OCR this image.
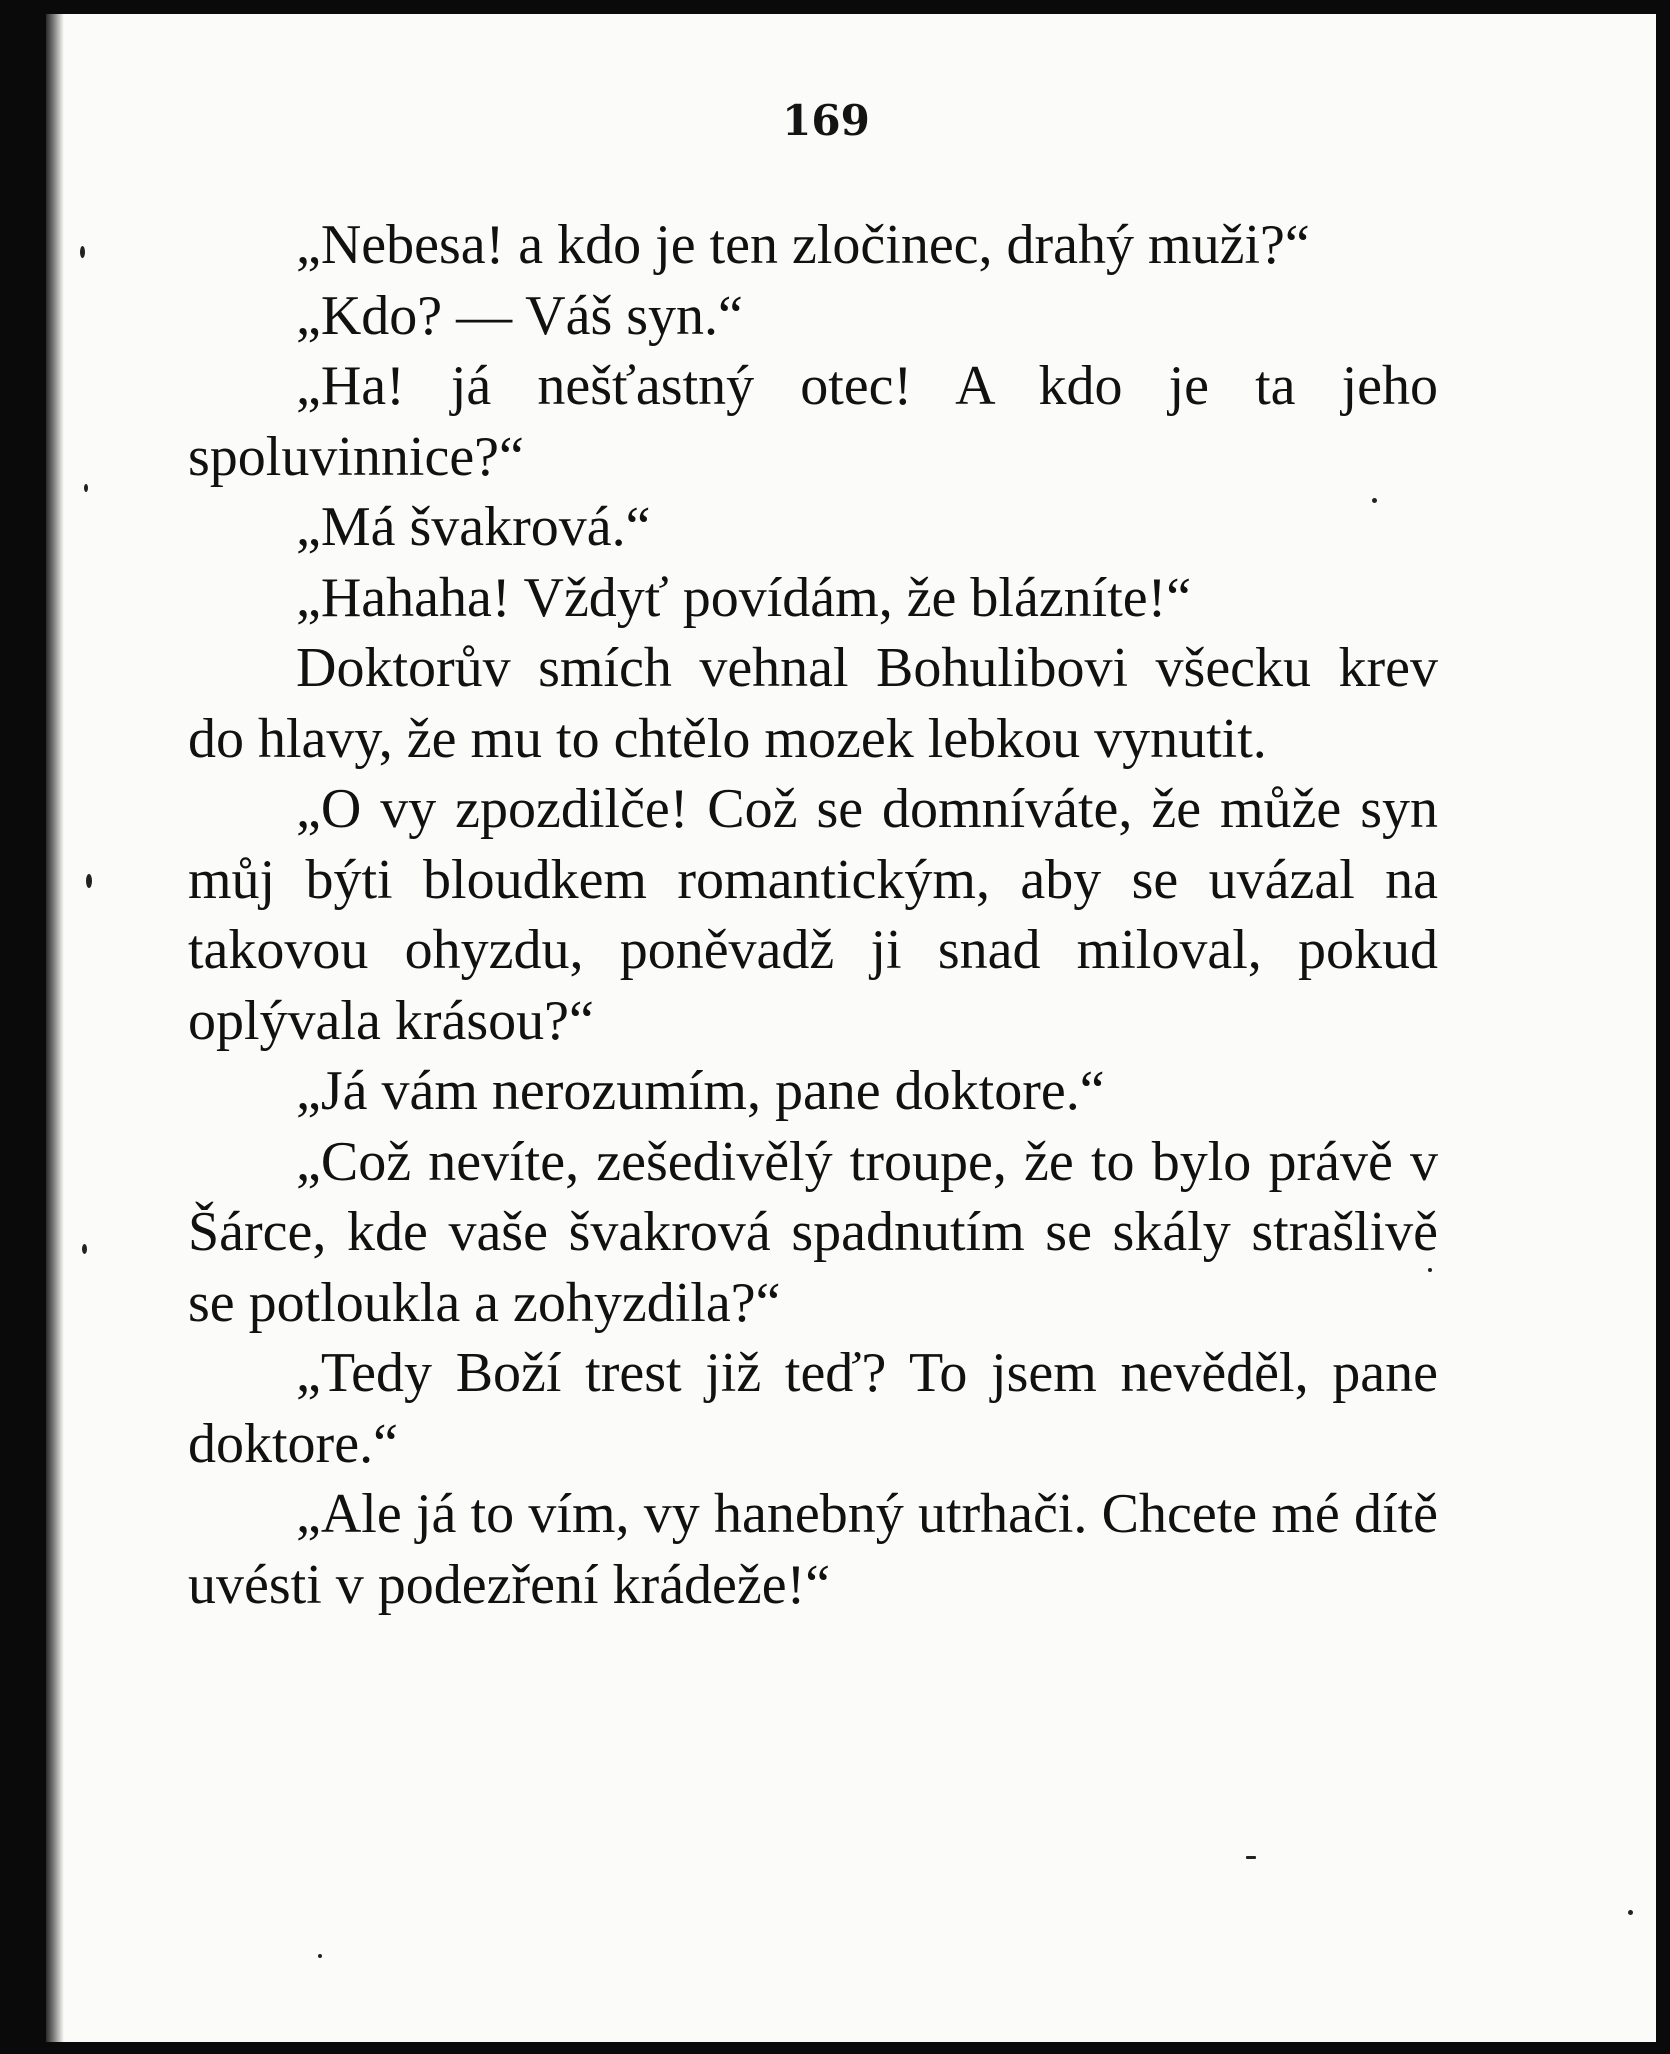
169

„Nebesa! a kdo je ten zločinec, drahý muži?“

„Kdo? — Váš syn.“

„Ha! já nešťastný otec! A kdo je ta jeho spoluvinnice?“

„Má švakrová.“

„Hahaha! Vždyť povídám, že blázníte!“

Doktorův smích vehnal Bohulibovi všecku krev do hlavy, že mu to chtělo mozek lebkou vynutit.

„O vy zpozdilče! Což se domníváte, že může syn můj býti bloudkem romantickým, aby se uvázal na takovou ohyzdu, poněvadž ji snad miloval, pokud oplývala krásou?“

„Já vám nerozumím, pane doktore.“

„Což nevíte, zešedivělý troupe, že to bylo právě v Šárce, kde vaše švakrová spadnutím se skály strašlivě se potloukla a zohyzdila?“

„Tedy Boží trest již teď? To jsem nevěděl, pane doktore.“

„Ale já to vím, vy hanebný utrhači. Chcete mé dítě uvésti v podezření krádeže!“
